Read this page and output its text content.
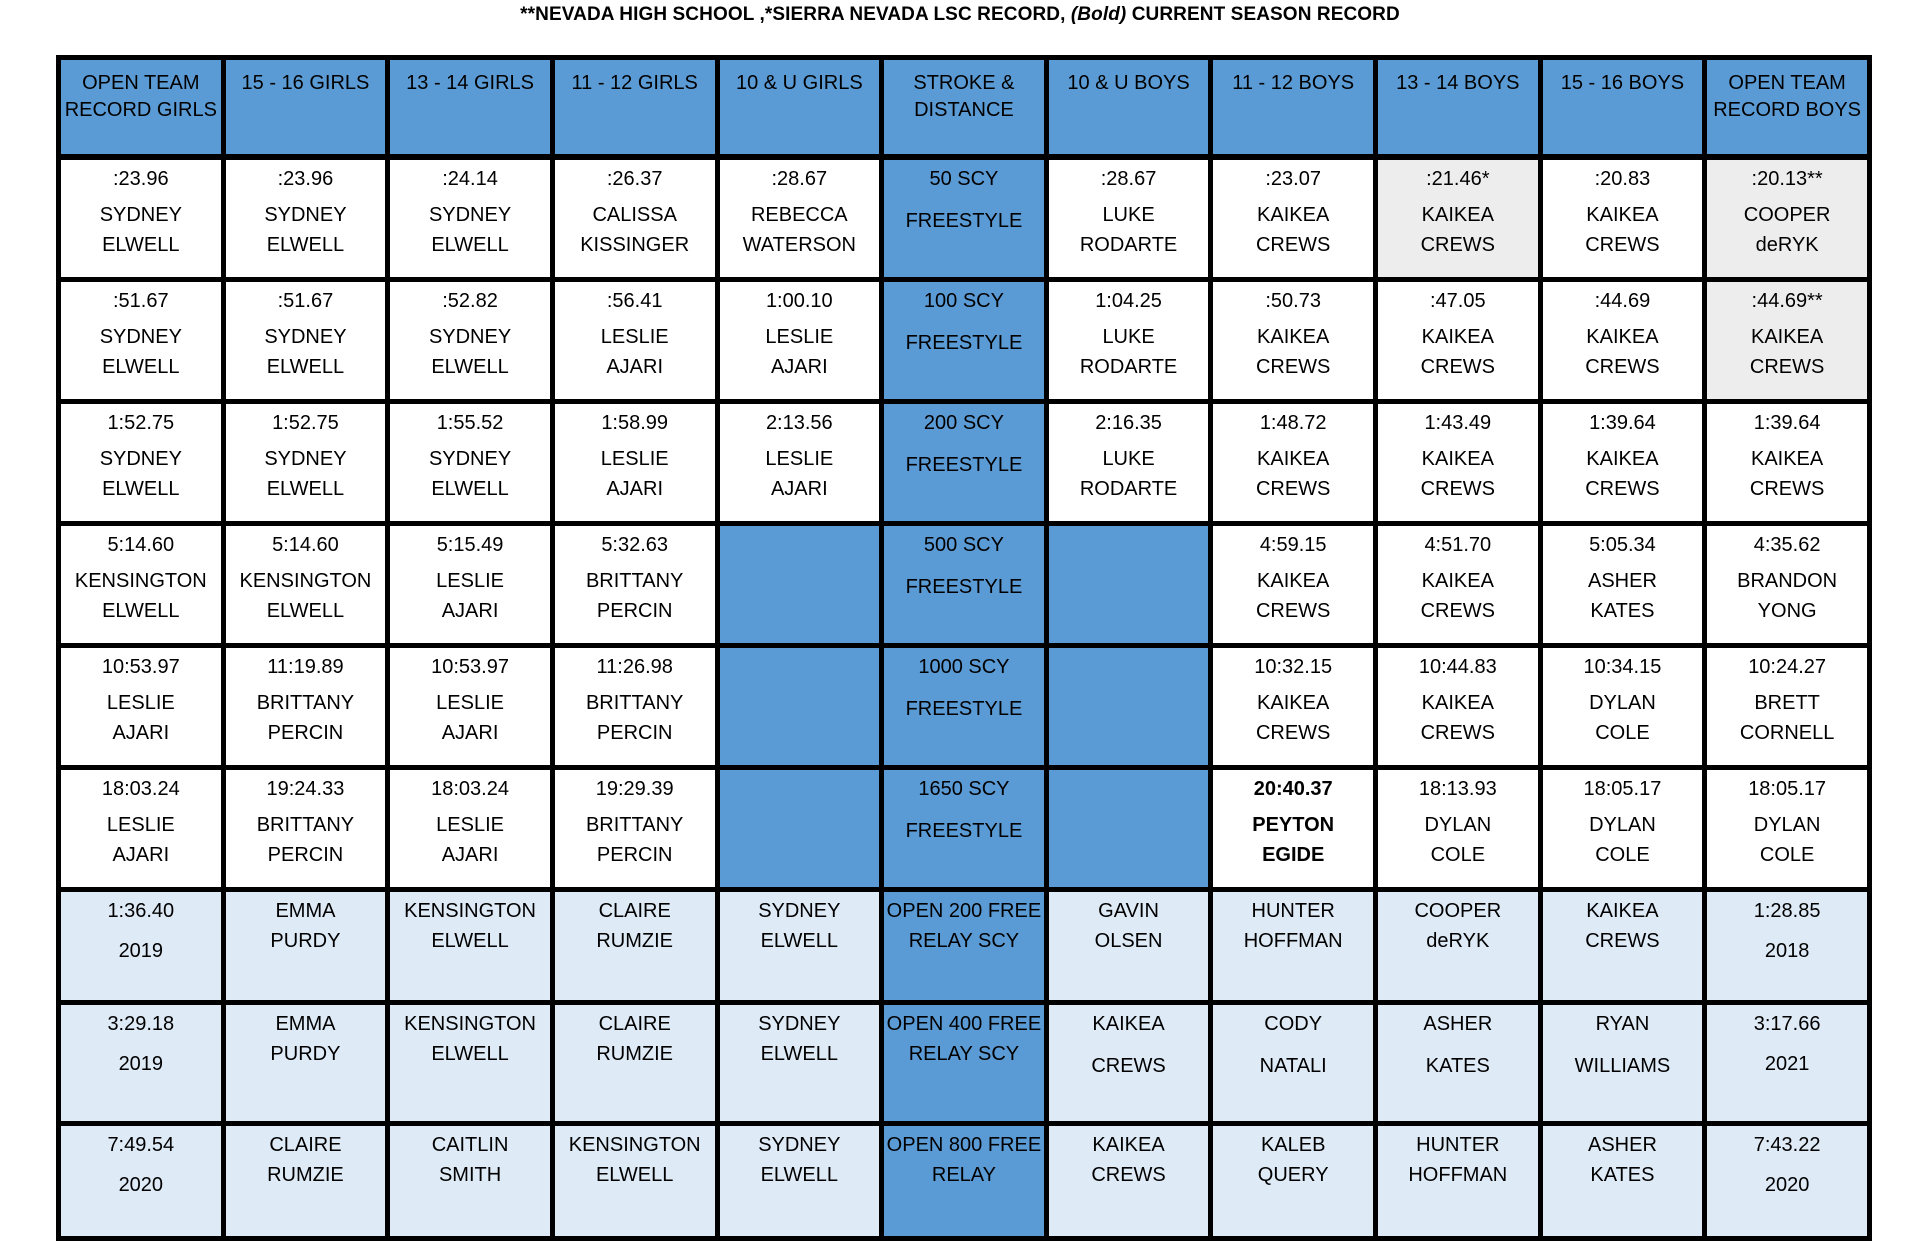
**NEVADA HIGH SCHOOL ,*SIERRA NEVADA LSC RECORD, (Bold) CURRENT SEASON RECORD
OPEN TEAM
RECORD GIRLS	15 - 16 GIRLS	13 - 14 GIRLS	11 - 12 GIRLS	10 & U GIRLS	STROKE &
DISTANCE	10 & U BOYS	11 - 12 BOYS	13 - 14 BOYS	15 - 16 BOYS	OPEN TEAM
RECORD BOYS

:23.96
SYDNEY
ELWELL	:23.96
SYDNEY
ELWELL	:24.14
SYDNEY
ELWELL	:26.37
CALISSA
KISSINGER	:28.67
REBECCA
WATERSON	50 SCY
FREESTYLE	:28.67
LUKE
RODARTE	:23.07
KAIKEA
CREWS	:21.46*
KAIKEA
CREWS	:20.83
KAIKEA
CREWS	:20.13**
COOPER
deRYK

:51.67
SYDNEY
ELWELL	:51.67
SYDNEY
ELWELL	:52.82
SYDNEY
ELWELL	:56.41
LESLIE
AJARI	1:00.10
LESLIE
AJARI	100 SCY
FREESTYLE	1:04.25
LUKE
RODARTE	:50.73
KAIKEA
CREWS	:47.05
KAIKEA
CREWS	:44.69
KAIKEA
CREWS	:44.69**
KAIKEA
CREWS

1:52.75
SYDNEY
ELWELL	1:52.75
SYDNEY
ELWELL	1:55.52
SYDNEY
ELWELL	1:58.99
LESLIE
AJARI	2:13.56
LESLIE
AJARI	200 SCY
FREESTYLE	2:16.35
LUKE
RODARTE	1:48.72
KAIKEA
CREWS	1:43.49
KAIKEA
CREWS	1:39.64
KAIKEA
CREWS	1:39.64
KAIKEA
CREWS

5:14.60
KENSINGTON
ELWELL	5:14.60
KENSINGTON
ELWELL	5:15.49
LESLIE
AJARI	5:32.63
BRITTANY
PERCIN		500 SCY
FREESTYLE		4:59.15
KAIKEA
CREWS	4:51.70
KAIKEA
CREWS	5:05.34
ASHER
KATES	4:35.62
BRANDON
YONG

10:53.97
LESLIE
AJARI	11:19.89
BRITTANY
PERCIN	10:53.97
LESLIE
AJARI	11:26.98
BRITTANY
PERCIN		1000 SCY
FREESTYLE		10:32.15
KAIKEA
CREWS	10:44.83
KAIKEA
CREWS	10:34.15
DYLAN
COLE	10:24.27
BRETT
CORNELL

18:03.24
LESLIE
AJARI	19:24.33
BRITTANY
PERCIN	18:03.24
LESLIE
AJARI	19:29.39
BRITTANY
PERCIN		1650 SCY
FREESTYLE		20:40.37
PEYTON
EGIDE	18:13.93
DYLAN
COLE	18:05.17
DYLAN
COLE	18:05.17
DYLAN
COLE

1:36.40
2019	EMMA
PURDY	KENSINGTON
ELWELL	CLAIRE
RUMZIE	SYDNEY
ELWELL	OPEN 200 FREE
RELAY SCY	GAVIN
OLSEN	HUNTER
HOFFMAN	COOPER
deRYK	KAIKEA
CREWS	1:28.85
2018

3:29.18
2019	EMMA
PURDY	KENSINGTON
ELWELL	CLAIRE
RUMZIE	SYDNEY
ELWELL	OPEN 400 FREE
RELAY SCY	KAIKEA
CREWS	CODY
NATALI	ASHER
KATES	RYAN
WILLIAMS	3:17.66
2021

7:49.54
2020	CLAIRE
RUMZIE	CAITLIN
SMITH	KENSINGTON
ELWELL	SYDNEY
ELWELL	OPEN 800 FREE
RELAY	KAIKEA
CREWS	KALEB
QUERY	HUNTER
HOFFMAN	ASHER
KATES	7:43.22
2020
